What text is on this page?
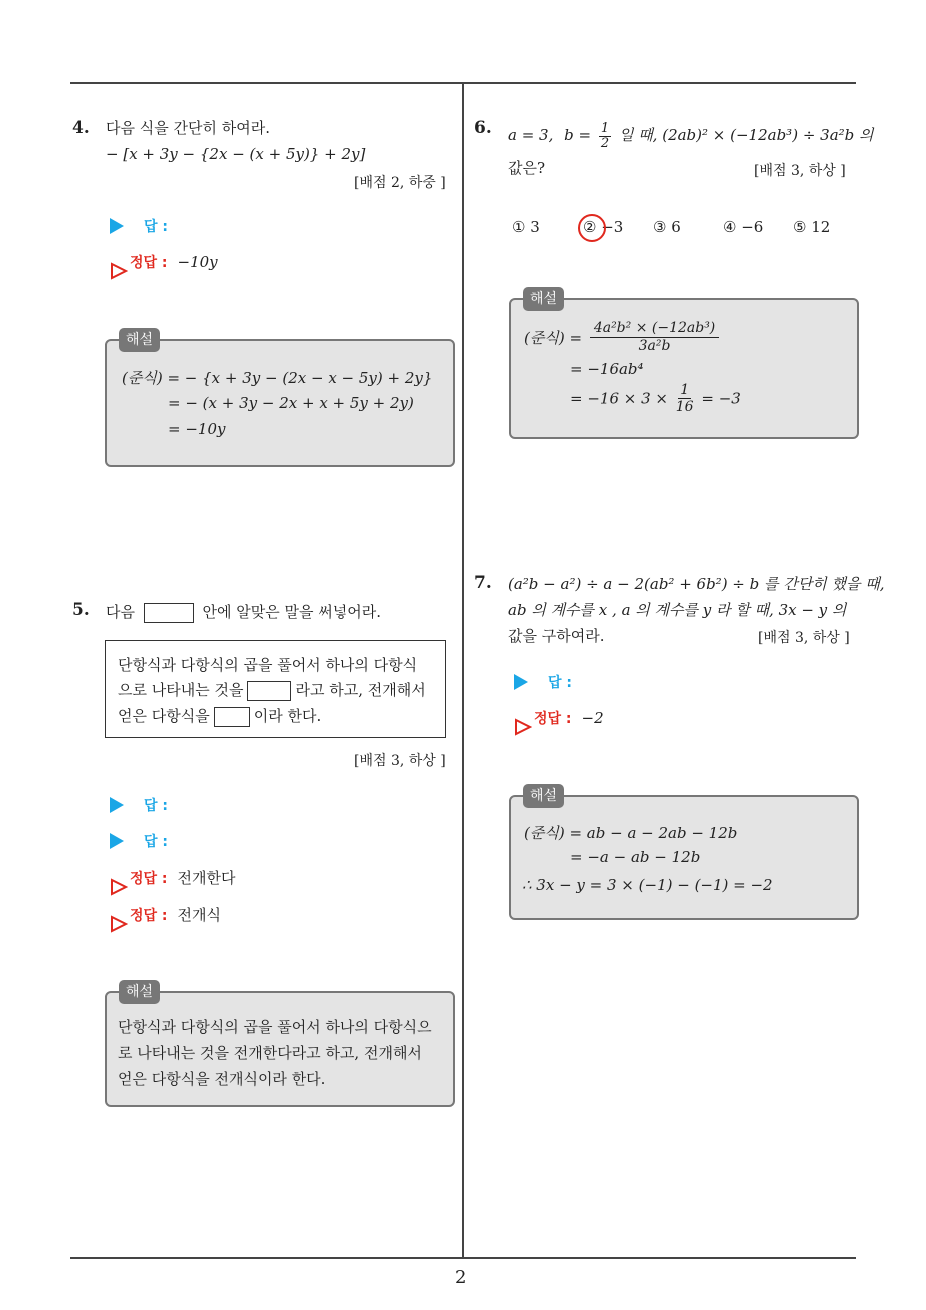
2
4. 다음 식을 간단히 하여라.
− [x + 3y − {2x − (x + 5y)} + 2y]
[배점 2, 하중 ]
답 :
정답 : −10y
해설
(준식) = − {x + 3y − (2x − x − 5y) + 2y}
= − (x + 3y − 2x + x + 5y + 2y)
= −10y
5. 다음	안에 알맞은 말을 써넣어라.
단항식과 다항식의 곱을 풀어서 하나의 다항식
으로 나타내는 것을	라고 하고, 전개해서
얻은 다항식을	이라 한다.
[배점 3, 하상 ]
답 :
답 :
정답 : 전개한다
정답 : 전개식
해설
단항식과 다항식의 곱을 풀어서 하나의 다항식으
로 나타내는 것을 전개한다라고 하고, 전개해서
얻은 다항식을 전개식이라 한다.
6. a = 3, $b = \frac{1}{2}$ 일 때, (2ab)² × (−12ab³) ÷ 3a²b 의
값은?	[배점 3, 하상 ]
① 3	② −3 ③ 6	④ −6 ⑤ 12
해설
(준식) = $\frac{\text{4a²b² × (−12ab³)}}{\text{3a²b}}$
= −16ab⁴
= $-16 \times 3 \times \frac{1}{16} = -3$
7. (a²b − a²) ÷ a − 2(ab² + 6b²) ÷ b 를 간단히 했을 때,
ab 의 계수를 x , a 의 계수를 y 라 할 때, 3x − y 의
값을 구하여라.	[배점 3, 하상 ]
답 :
정답 : −2
해설
(준식) = ab − a − 2ab − 12b
= −a − ab − 12b
∴ 3x − y = 3 × (−1) − (−1) = −2
